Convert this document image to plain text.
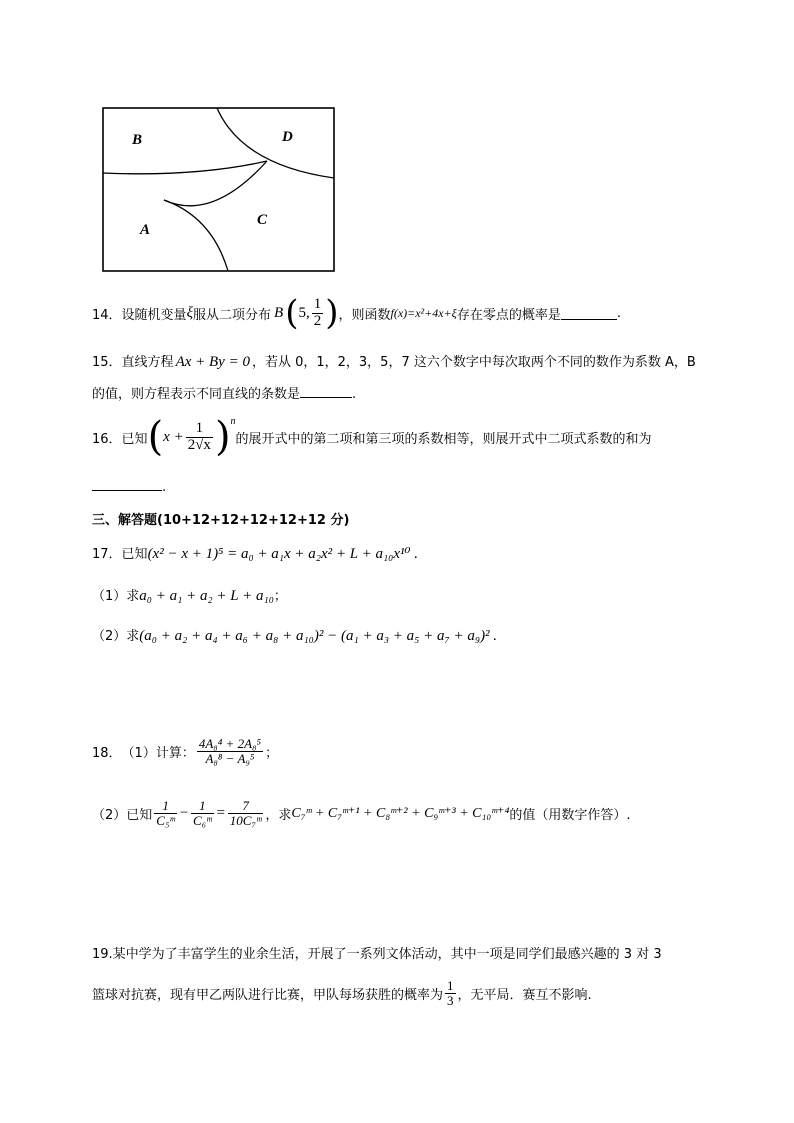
B	D
A
C
14． 设随机变量 ξ 服从二项分布 B ( 5, $\frac{1}{2}$ ) ，则函数 f(x)=x²+4x+ξ 存在零点的概率是	.
15．直线方程 Ax + By = 0 ，若从 0，1，2，3，5，7 这六个数字中每次取两个不同的数作为系数 A，B
的值，则方程表示不同直线的条数是	.
16． 已知 ( $x + \frac{1}{2√x}$ ) n
的展开式中的第二项和第三项的系数相等，则展开式中二项式系数的和为
.
三、解答题(10+12+12+12+12+12 分)
17．已知(x² − x + 1)⁵ = a₀ + a₁x + a₂x² + L + a₁₀x¹⁰ .
（1）求a₀ + a₁ + a₂ + L + a₁₀；
（2）求(a₀ + a₂ + a₄ + a₆ + a₈ + a₁₀)² − (a₁ + a₃ + a₅ + a₇ + a₉)² .
18． （1）计算： $\frac{\text{4A₈⁴ + 2A₈⁵}}{\text{A₈⁸ − A₉⁵}}$ ；
（2）已知 $\frac{1}{\text{C₅ᵐ}} - \frac{1}{\text{C₆ᵐ}} = \frac{7}{\text{10C₇ᵐ}}$ ，求 C₇ᵐ + C₇ᵐ⁺¹ + C₈ᵐ⁺² + C₉ᵐ⁺³ + C₁₀ᵐ⁺⁴ 的值（用数字作答）.
19.某中学为了丰富学生的业余生活，开展了一系列文体活动，其中一项是同学们最感兴趣的 3 对 3
篮球对抗赛，现有甲乙两队进行比赛，甲队每场获胜的概率为 $\frac{1}{3}$ ，无平局．赛互不影响.
